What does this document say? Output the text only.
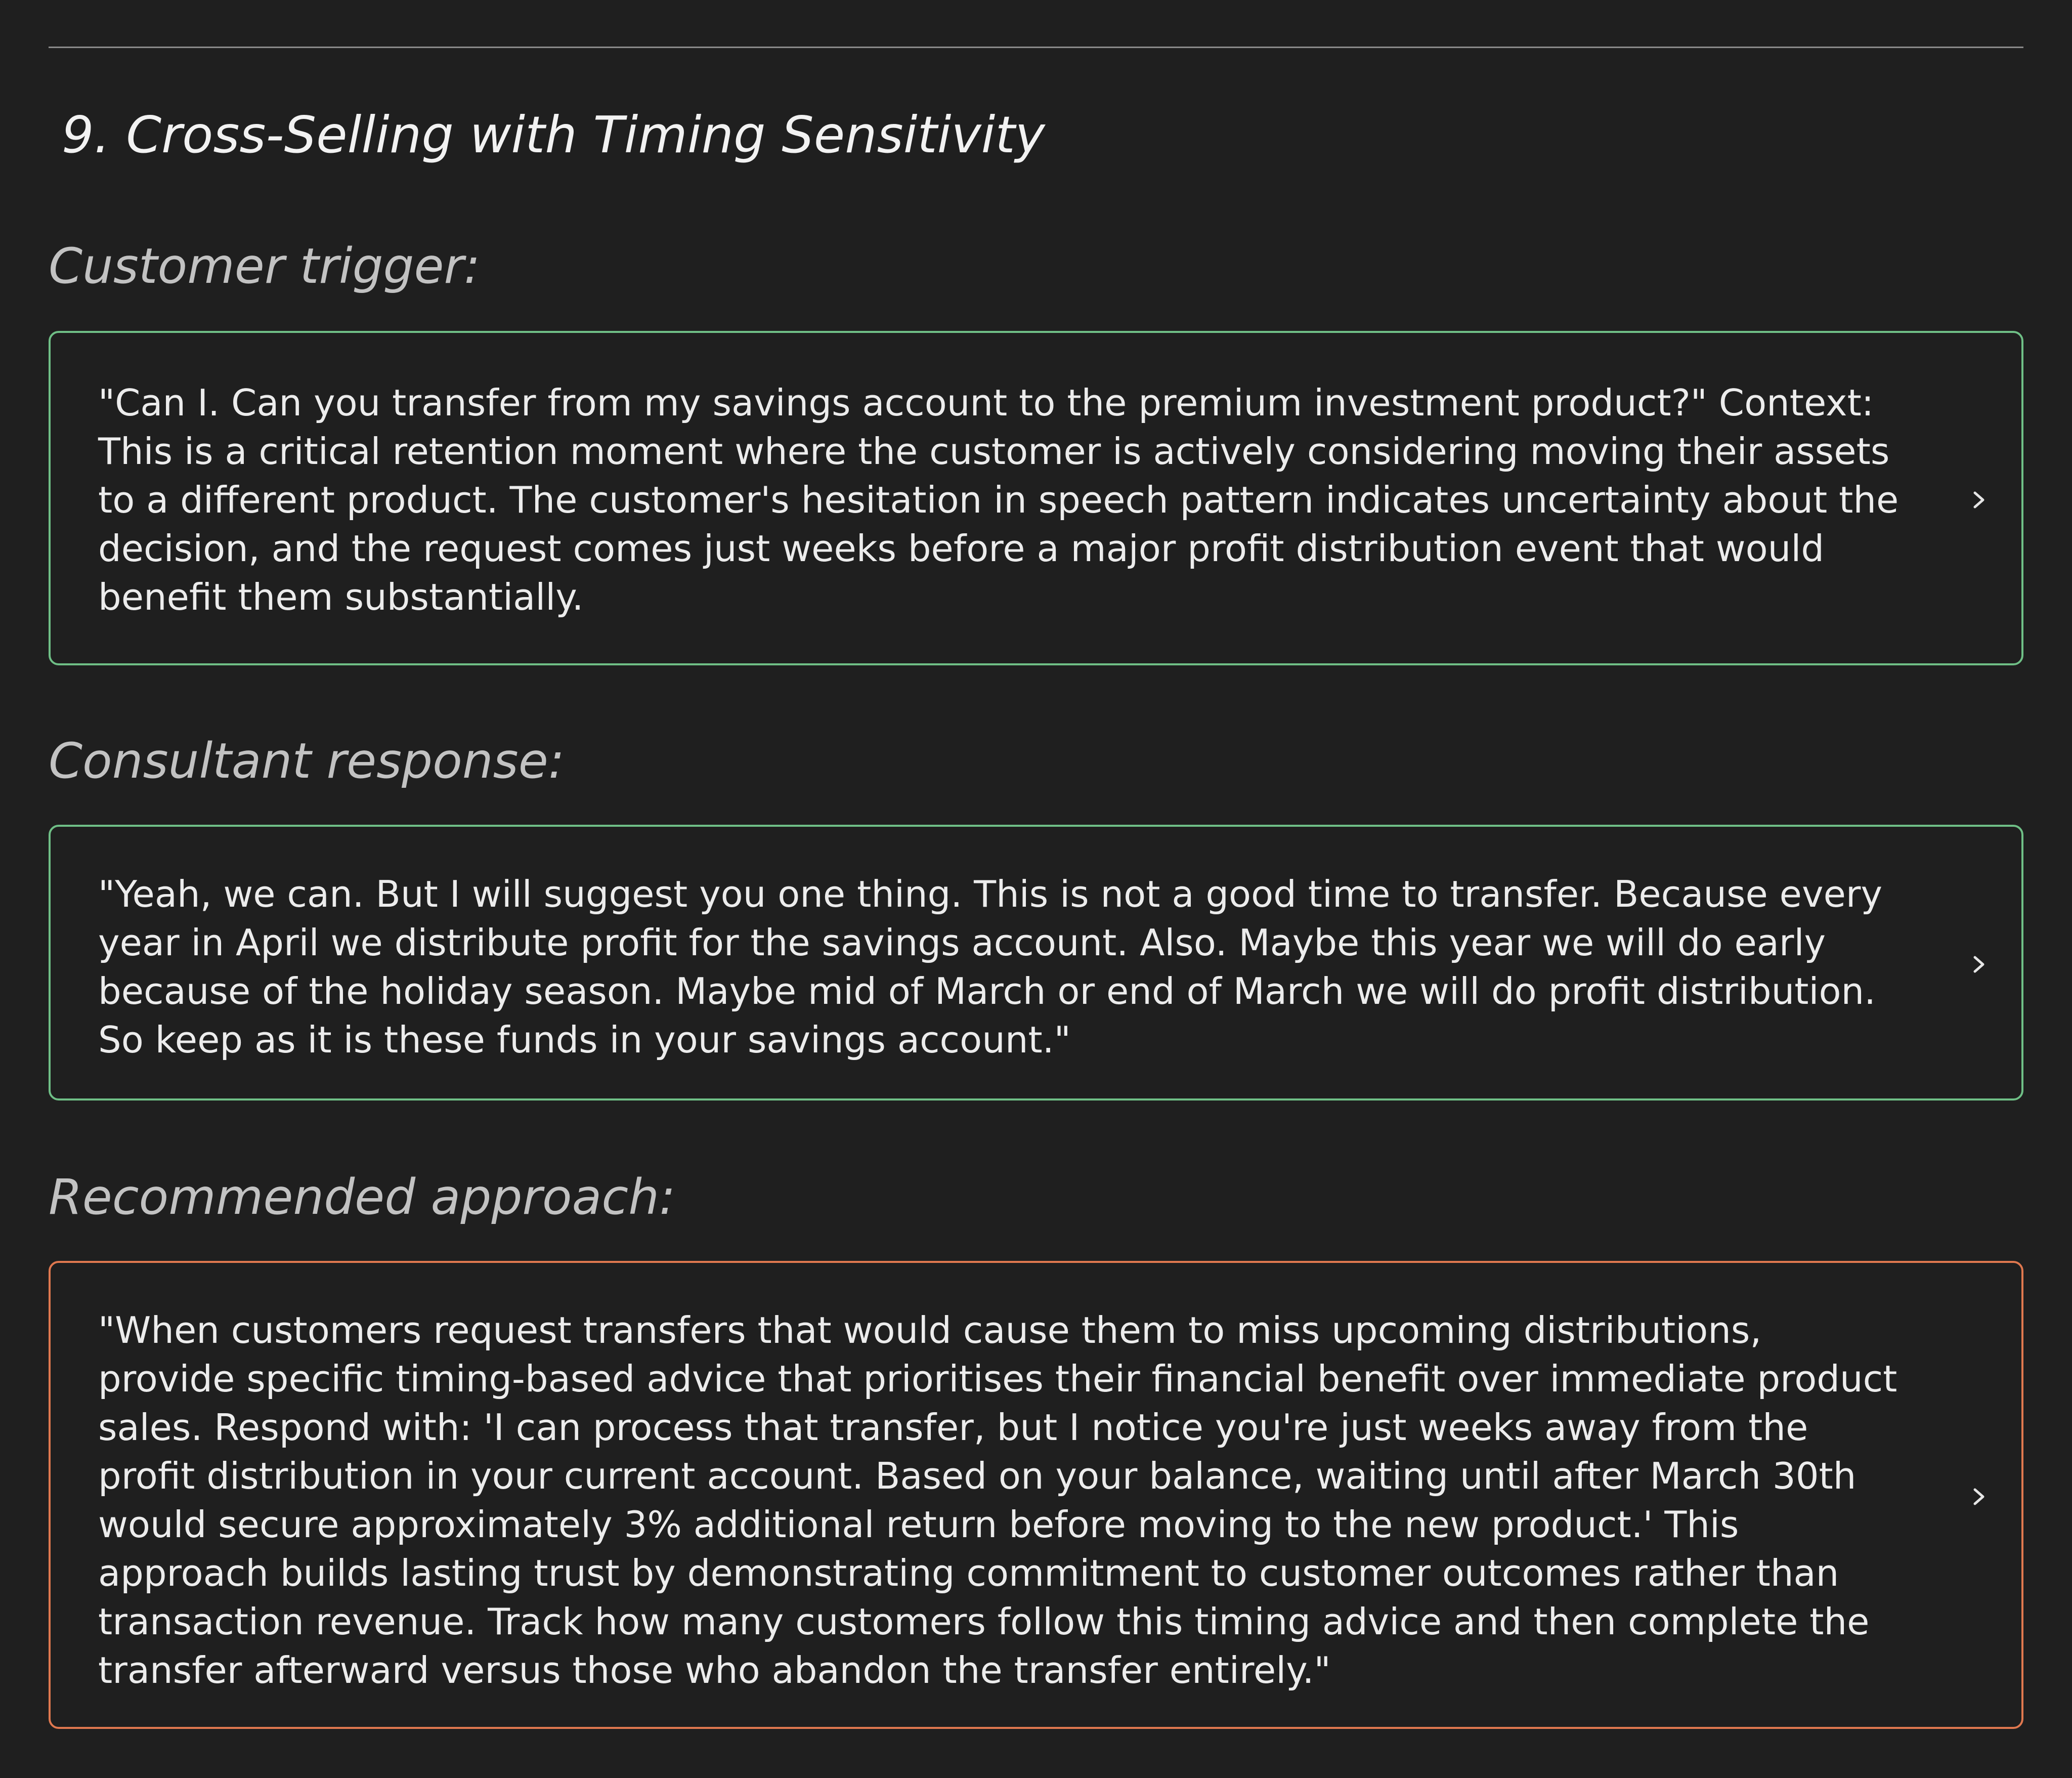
9. Cross-Selling with Timing Sensitivity
Customer trigger:

"Can I. Can you transfer from my savings account to the premium investment product?" Context: This is a critical retention moment where the customer is actively considering moving their assets to a different product. The customer's hesitation in speech pattern indicates uncertainty about the decision, and the request comes just weeks before a major profit distribution event that would benefit them substantially.

Consultant response:

"Yeah, we can. But I will suggest you one thing. This is not a good time to transfer. Because every year in April we distribute profit for the savings account. Also. Maybe this year we will do early because of the holiday season. Maybe mid of March or end of March we will do profit distribution. So keep as it is these funds in your savings account."

Recommended approach:

"When customers request transfers that would cause them to miss upcoming distributions, provide specific timing-based advice that prioritises their financial benefit over immediate product sales. Respond with: 'I can process that transfer, but I notice you're just weeks away from the profit distribution in your current account. Based on your balance, waiting until after March 30th would secure approximately 3% additional return before moving to the new product.' This approach builds lasting trust by demonstrating commitment to customer outcomes rather than transaction revenue. Track how many customers follow this timing advice and then complete the transfer afterward versus those who abandon the transfer entirely."
